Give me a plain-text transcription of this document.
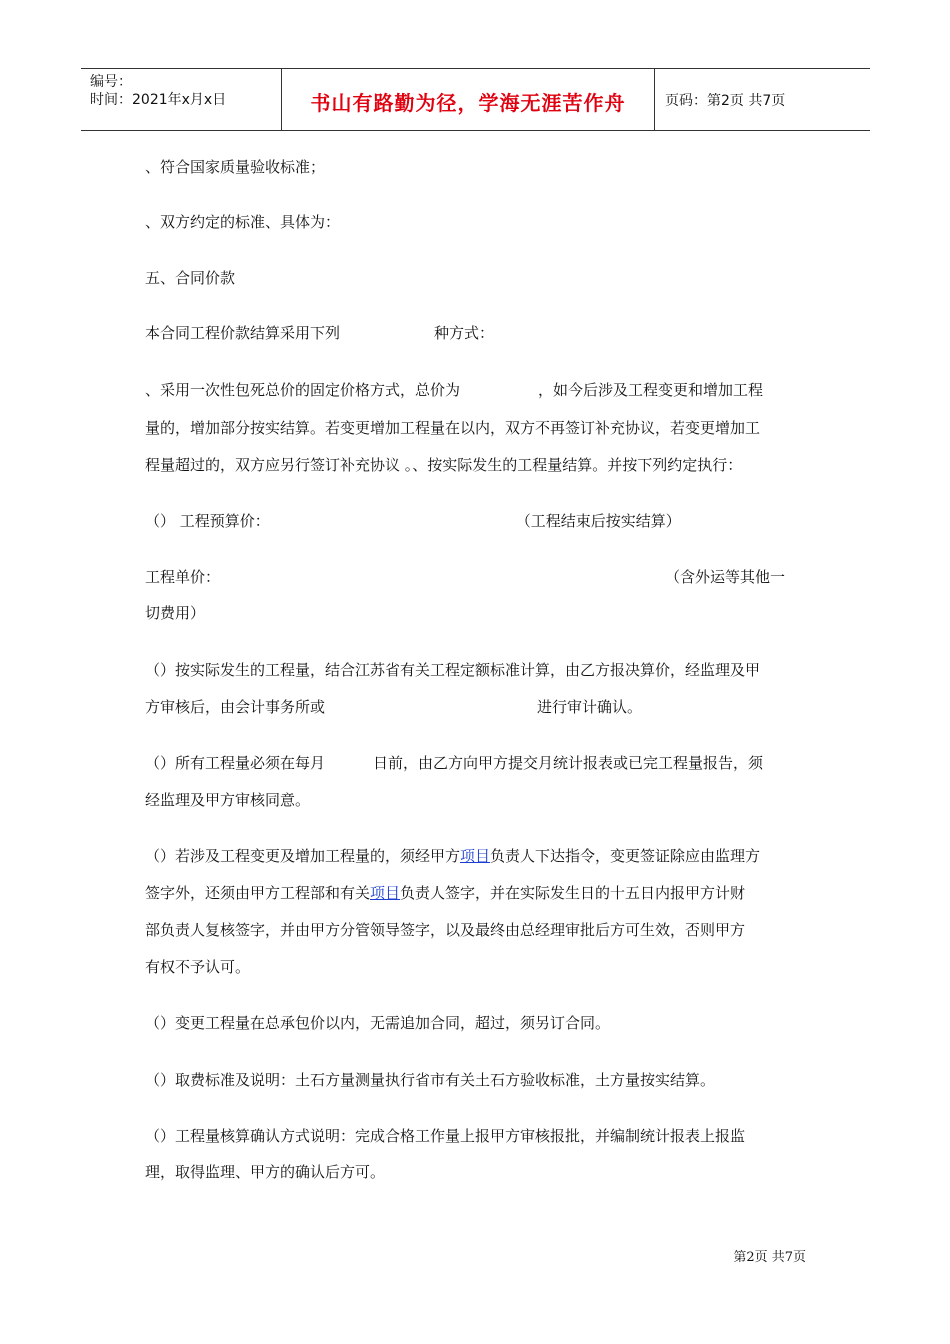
编号：
时间：2021年x月x日	书山有路勤为径，学海无涯苦作舟	页码：第2页 共7页
、符合国家质量验收标准；
、双方约定的标准、具体为：
五、合同价款
本合同工程价款结算采用下列	种方式：
、采用一次性包死总价的固定价格方式，总价为	，如今后涉及工程变更和增加工程
量的，增加部分按实结算。若变更增加工程量在以内，双方不再签订补充协议，若变更增加工
程量超过的，双方应另行签订补充协议 。、按实际发生的工程量结算。并按下列约定执行：
（） 工程预算价：	（工程结束后按实结算）
工程单价：	（含外运等其他一
切费用）
（）按实际发生的工程量，结合江苏省有关工程定额标准计算，由乙方报决算价，经监理及甲
方审核后，由会计事务所或	进行审计确认。
（）所有工程量必须在每月	日前，由乙方向甲方提交月统计报表或已完工程量报告，须
经监理及甲方审核同意。
（）若涉及工程变更及增加工程量的，须经甲方项目负责人下达指令，变更签证除应由监理方
签字外，还须由甲方工程部和有关项目负责人签字，并在实际发生日的十五日内报甲方计财
部负责人复核签字，并由甲方分管领导签字，以及最终由总经理审批后方可生效，否则甲方
有权不予认可。
（）变更工程量在总承包价以内，无需追加合同，超过，须另订合同。
（）取费标准及说明：土石方量测量执行省市有关土石方验收标准，土方量按实结算。
（）工程量核算确认方式说明：完成合格工作量上报甲方审核报批，并编制统计报表上报监
理，取得监理、甲方的确认后方可。
第2页 共7页
